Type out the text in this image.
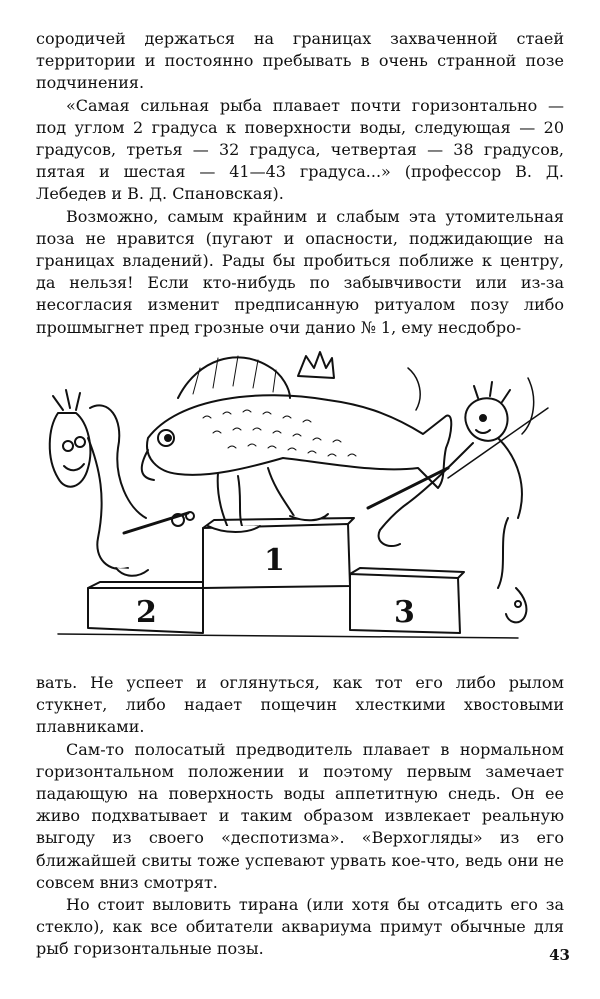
сородичей держаться на границах захваченной стаей территории и постоянно пребывать в очень странной позе подчинения.

«Самая сильная рыба плавает почти горизонтально — под углом 2 градуса к поверхности воды, следующая — 20 градусов, третья — 32 градуса, четвертая — 38 градусов, пятая и шестая — 41—43 градуса...» (профессор В. Д. Лебедев и В. Д. Спановская).

Возможно, самым крайним и слабым эта утомительная поза не нравится (пугают и опасности, поджидающие на границах владений). Рады бы пробиться поближе к центру, да нельзя! Если кто-нибудь по забывчивости или из-за несогласия изменит предписанную ритуалом позу либо прошмыгнет пред грозные очи данио № 1, ему несдобро-

1
2	3

вать. Не успеет и оглянуться, как тот его либо рылом стукнет, либо надает пощечин хлесткими хвостовыми плавниками.

Сам-то полосатый предводитель плавает в нормальном горизонтальном положении и поэтому первым замечает падающую на поверхность воды аппетитную снедь. Он ее живо подхватывает и таким образом извлекает реальную выгоду из своего «деспотизма». «Верхогляды» из его ближайшей свиты тоже успевают урвать кое-что, ведь они не совсем вниз смотрят.

Но стоит выловить тирана (или хотя бы отсадить его за стекло), как все обитатели аквариума примут обычные для рыб горизонтальные позы.	43
